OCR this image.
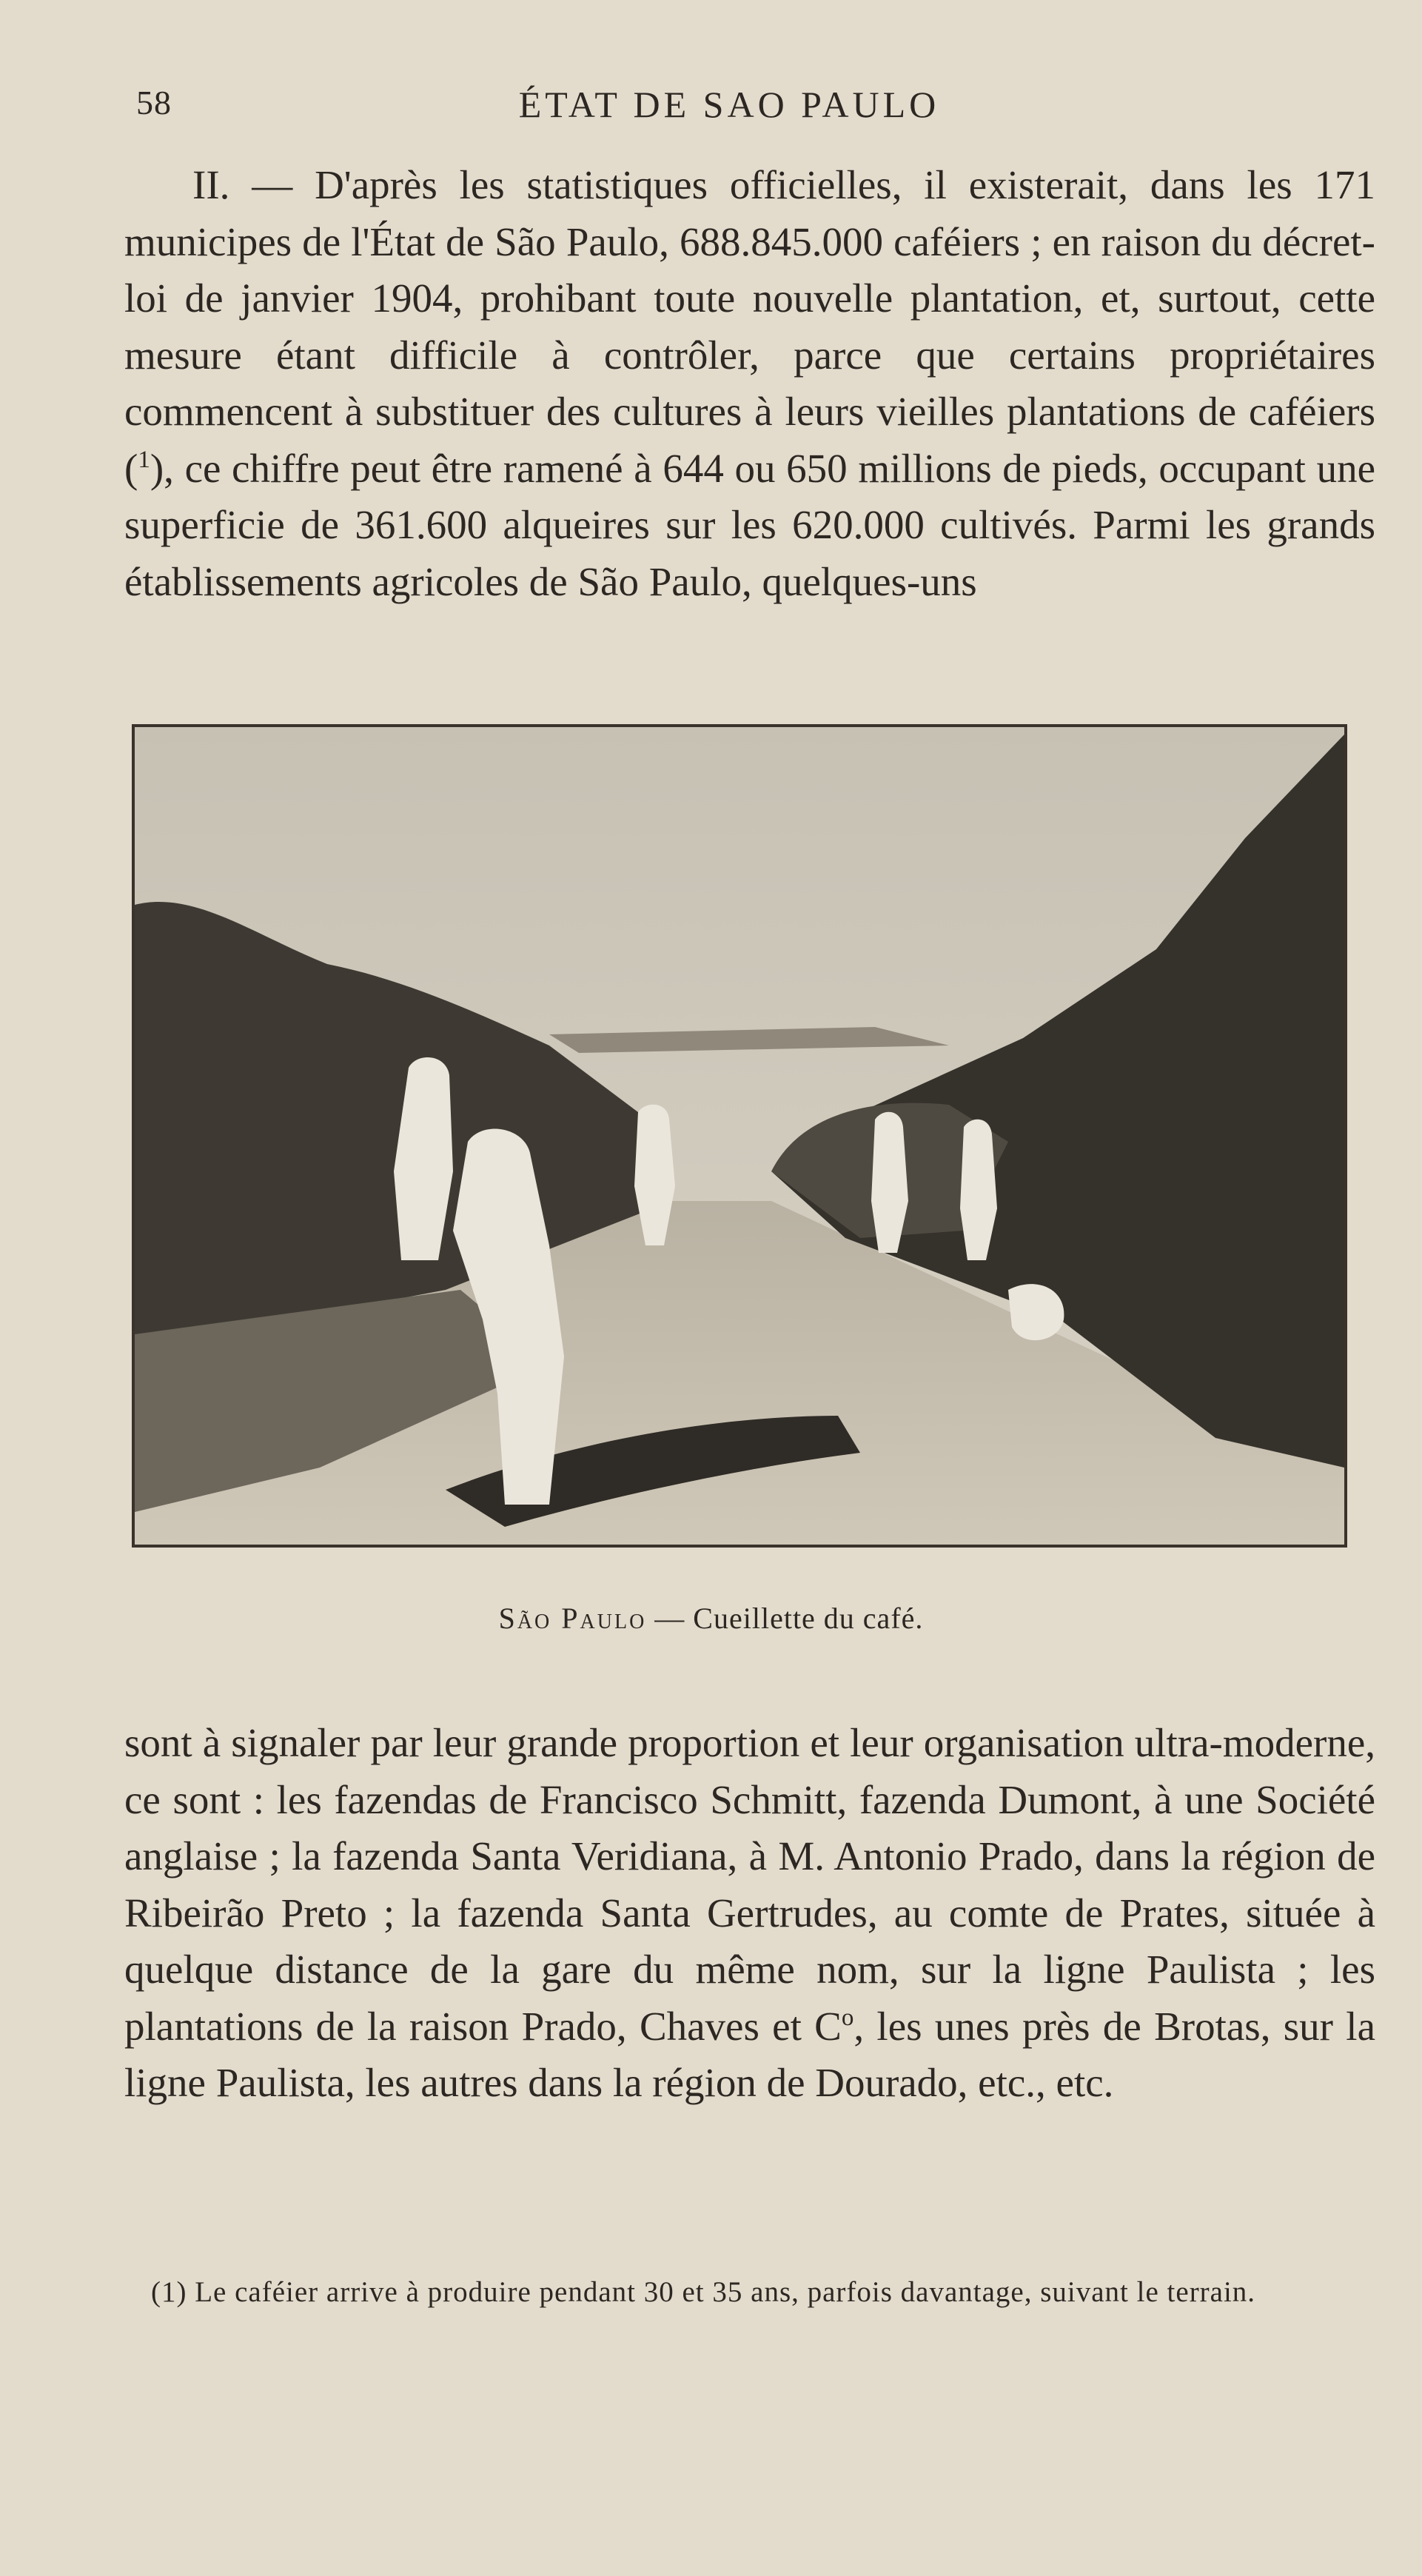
ÉTAT DE SAO PAULO
58

II. — D'après les statistiques officielles, il existerait, dans les 171 municipes de l'État de São Paulo, 688.845.000 caféiers ; en raison du décret-loi de janvier 1904, prohibant toute nouvelle plantation, et, surtout, cette mesure étant difficile à contrôler, parce que certains propriétaires commencent à substituer des cultures à leurs vieilles plantations de caféiers ($^1$), ce chiffre peut être ramené à 644 ou 650 millions de pieds, occupant une superficie de 361.600 alqueires sur les 620.000 cultivés. Parmi les grands établissements agricoles de São Paulo, quelques-uns

São Paulo — Cueillette du café.

sont à signaler par leur grande proportion et leur organisation ultra-moderne, ce sont : les fazendas de Francisco Schmitt, fazenda Dumont, à une Société anglaise ; la fazenda Santa Veridiana, à M. Antonio Prado, dans la région de Ribeirão Preto ; la fazenda Santa Gertrudes, au comte de Prates, située à quelque distance de la gare du même nom, sur la ligne Paulista ; les plantations de la raison Prado, Chaves et $C^o$, les unes près de Brotas, sur la ligne Paulista, les autres dans la région de Dourado, etc., etc.

(1) Le caféier arrive à produire pendant 30 et 35 ans, parfois davantage, suivant le terrain.
